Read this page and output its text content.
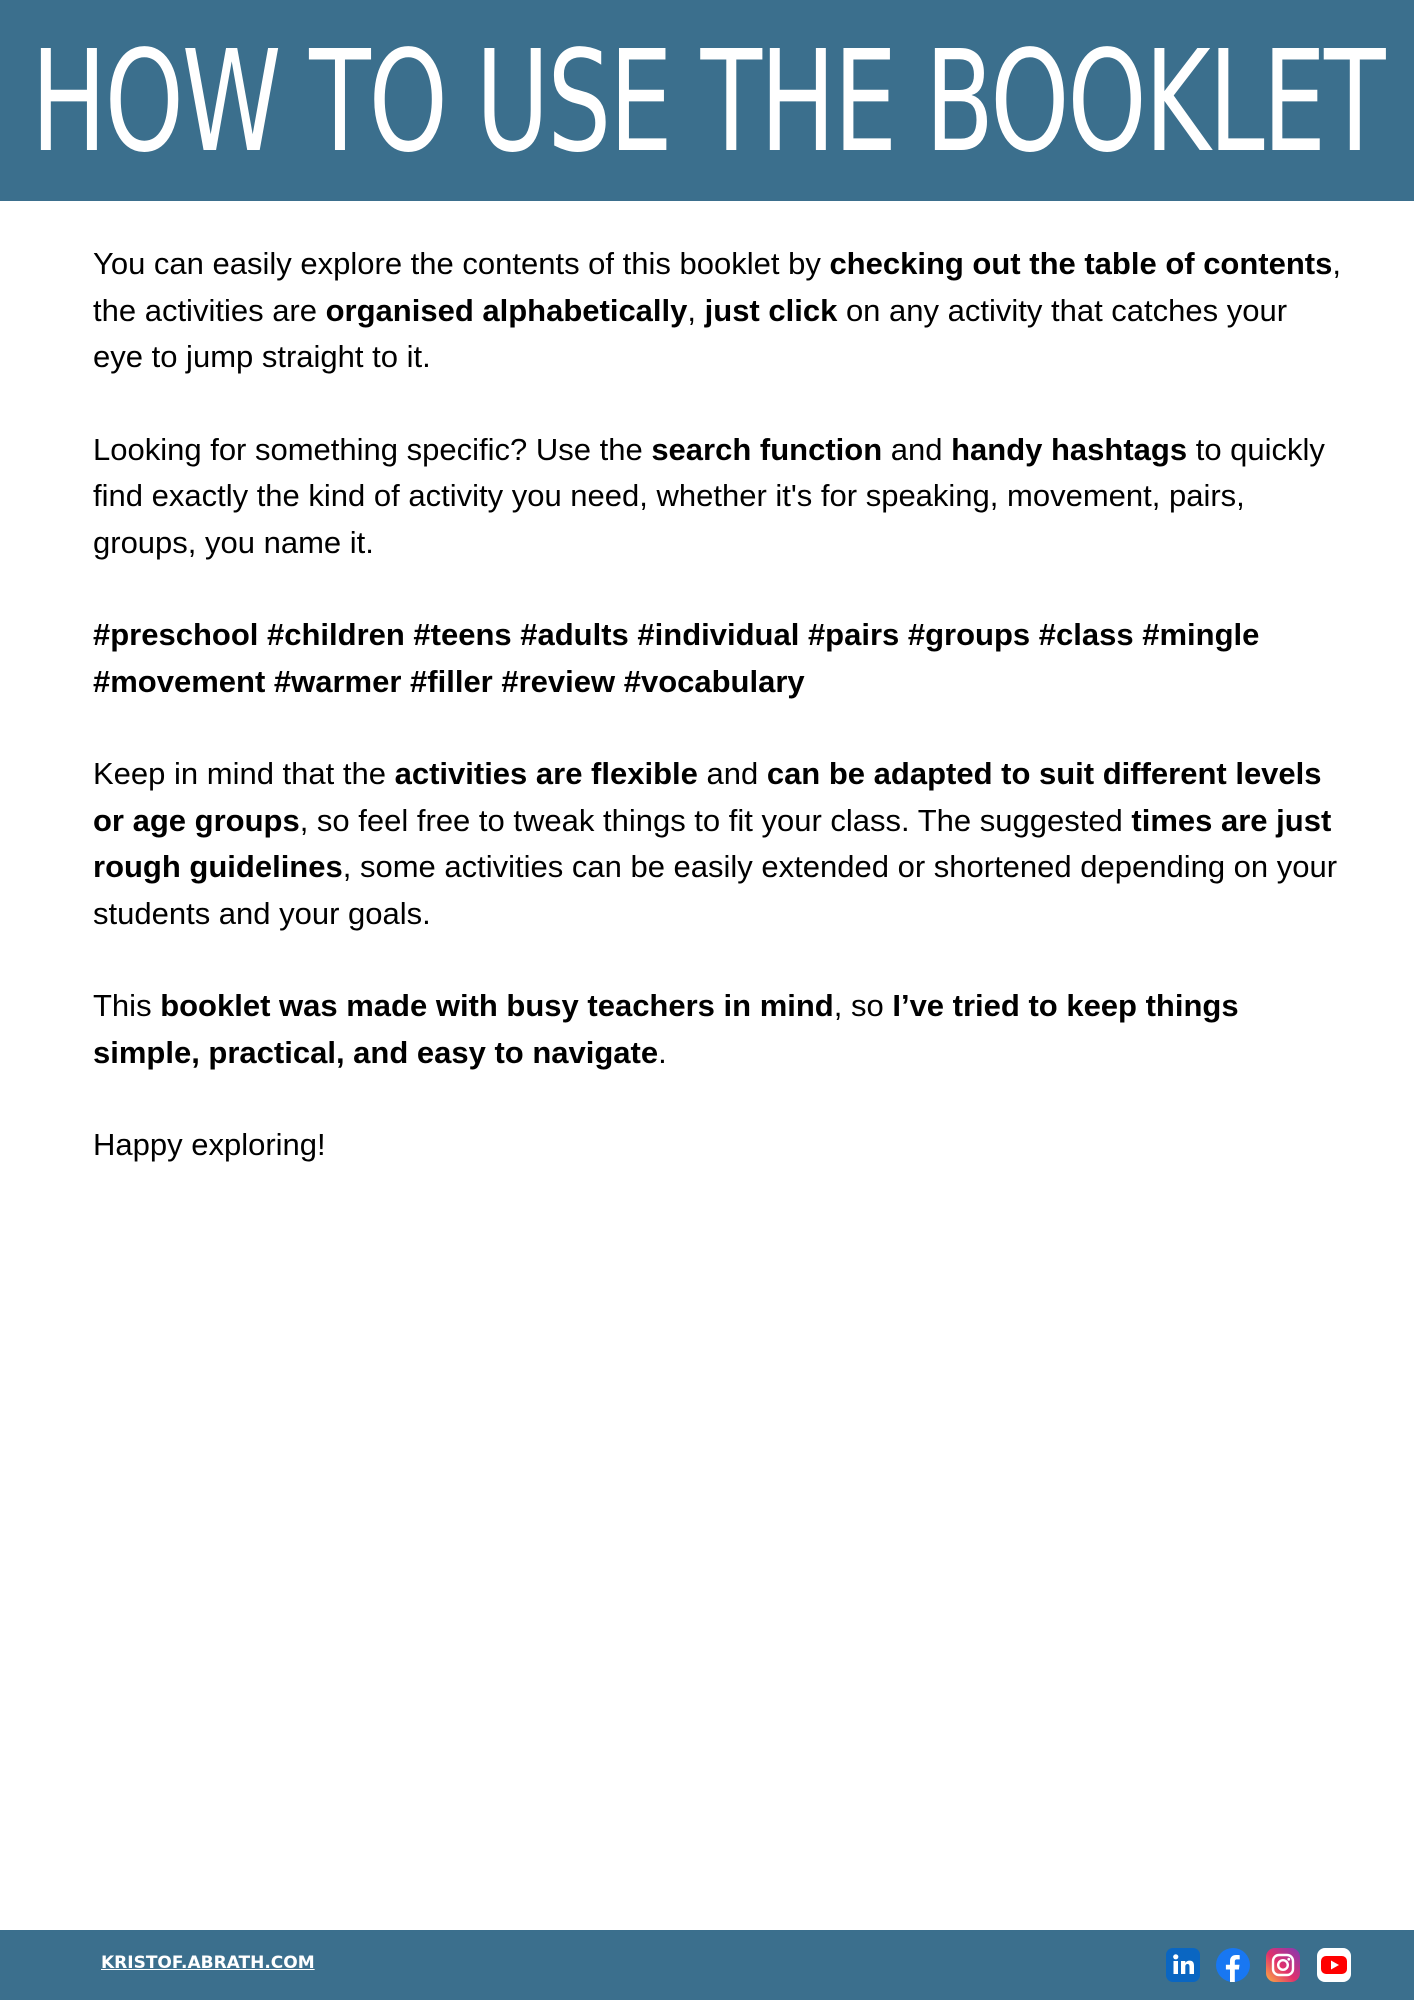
HOW TO USE THE BOOKLET

You can easily explore the contents of this booklet by checking out the table of contents, the activities are organised alphabetically, just click on any activity that catches your eye to jump straight to it.

Looking for something specific? Use the search function and handy hashtags to quickly find exactly the kind of activity you need, whether it's for speaking, movement, pairs, groups, you name it.

#preschool #children #teens #adults #individual #pairs #groups #class #mingle #movement #warmer #filler #review #vocabulary

Keep in mind that the activities are flexible and can be adapted to suit different levels or age groups, so feel free to tweak things to fit your class. The suggested times are just rough guidelines, some activities can be easily extended or shortened depending on your students and your goals.

This booklet was made with busy teachers in mind, so I’ve tried to keep things simple, practical, and easy to navigate.

Happy exploring!

KRISTOF.ABRATH.COM
